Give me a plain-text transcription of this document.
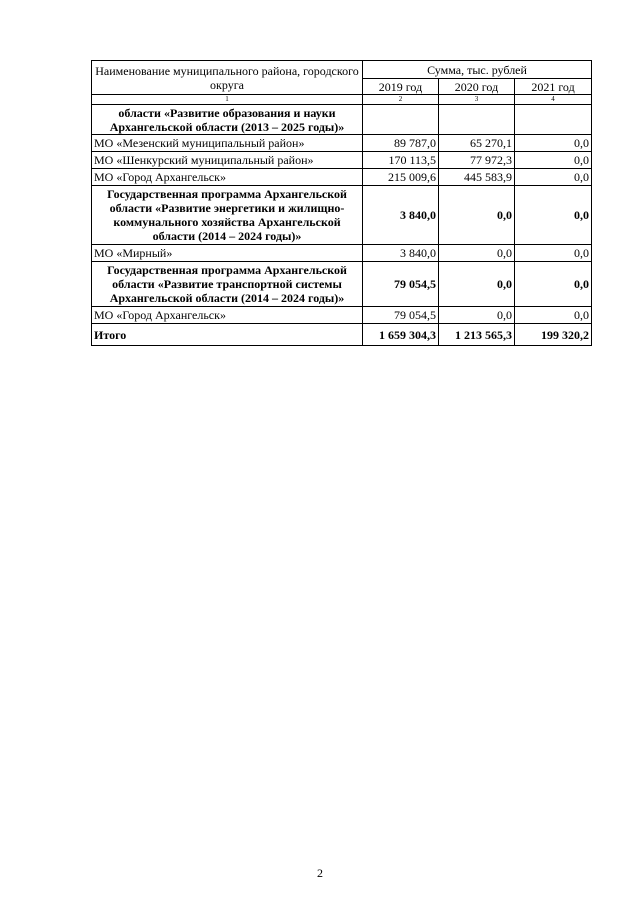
Наименование муниципального района, городского округа	Сумма, тыс. рублей		
	2019 год	2020 год	2021 год
1	2	3	4
области «Развитие образования и науки Архангельской области (2013 – 2025 годы)»			
МО «Мезенский муниципальный район»	89 787,0	65 270,1	0,0
МО «Шенкурский муниципальный район»	170 113,5	77 972,3	0,0
МО «Город Архангельск»	215 009,6	445 583,9	0,0
Государственная программа Архангельской области «Развитие энергетики и жилищно-коммунального хозяйства Архангельской области (2014 – 2024 годы)»	3 840,0	0,0	0,0
МО «Мирный»	3 840,0	0,0	0,0
Государственная программа Архангельской области «Развитие транспортной системы Архангельской области (2014 – 2024 годы)»	79 054,5	0,0	0,0
МО «Город Архангельск»	79 054,5	0,0	0,0
Итого	1 659 304,3	1 213 565,3	199 320,2
2
